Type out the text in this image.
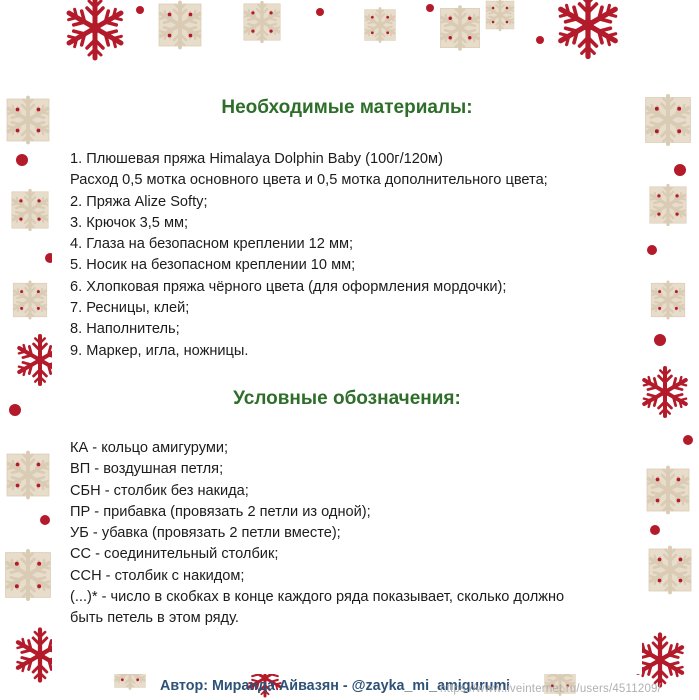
Необходимые материалы:
1. Плюшевая пряжа Himalaya Dolphin Baby (100г/120м)
Расход 0,5 мотка основного цвета и 0,5 мотка дополнительного цвета;
2. Пряжа Alize Softy;
3. Крючок 3,5 мм;
4. Глаза на безопасном креплении 12 мм;
5. Носик на безопасном креплении 10 мм;
6. Хлопковая пряжа чёрного цвета (для оформления мордочки);
7. Ресницы, клей;
8. Наполнитель;
9. Маркер, игла, ножницы.
Условные обозначения:
КА - кольцо амигуруми;
ВП - воздушная петля;
СБН - столбик без накида;
ПР - прибавка (провязать 2 петли из одной);
УБ - убавка (провязать 2 петли вместе);
СС - соединительный столбик;
ССН - столбик с накидом;
(...)* - число в скобках в конце каждого ряда показывает, сколько должно
быть петель в этом ряду.
Автор: Миранда Айвазян - @zayka_mi_amigurumi
https://www.liveinternet.ru/users/4511209/
